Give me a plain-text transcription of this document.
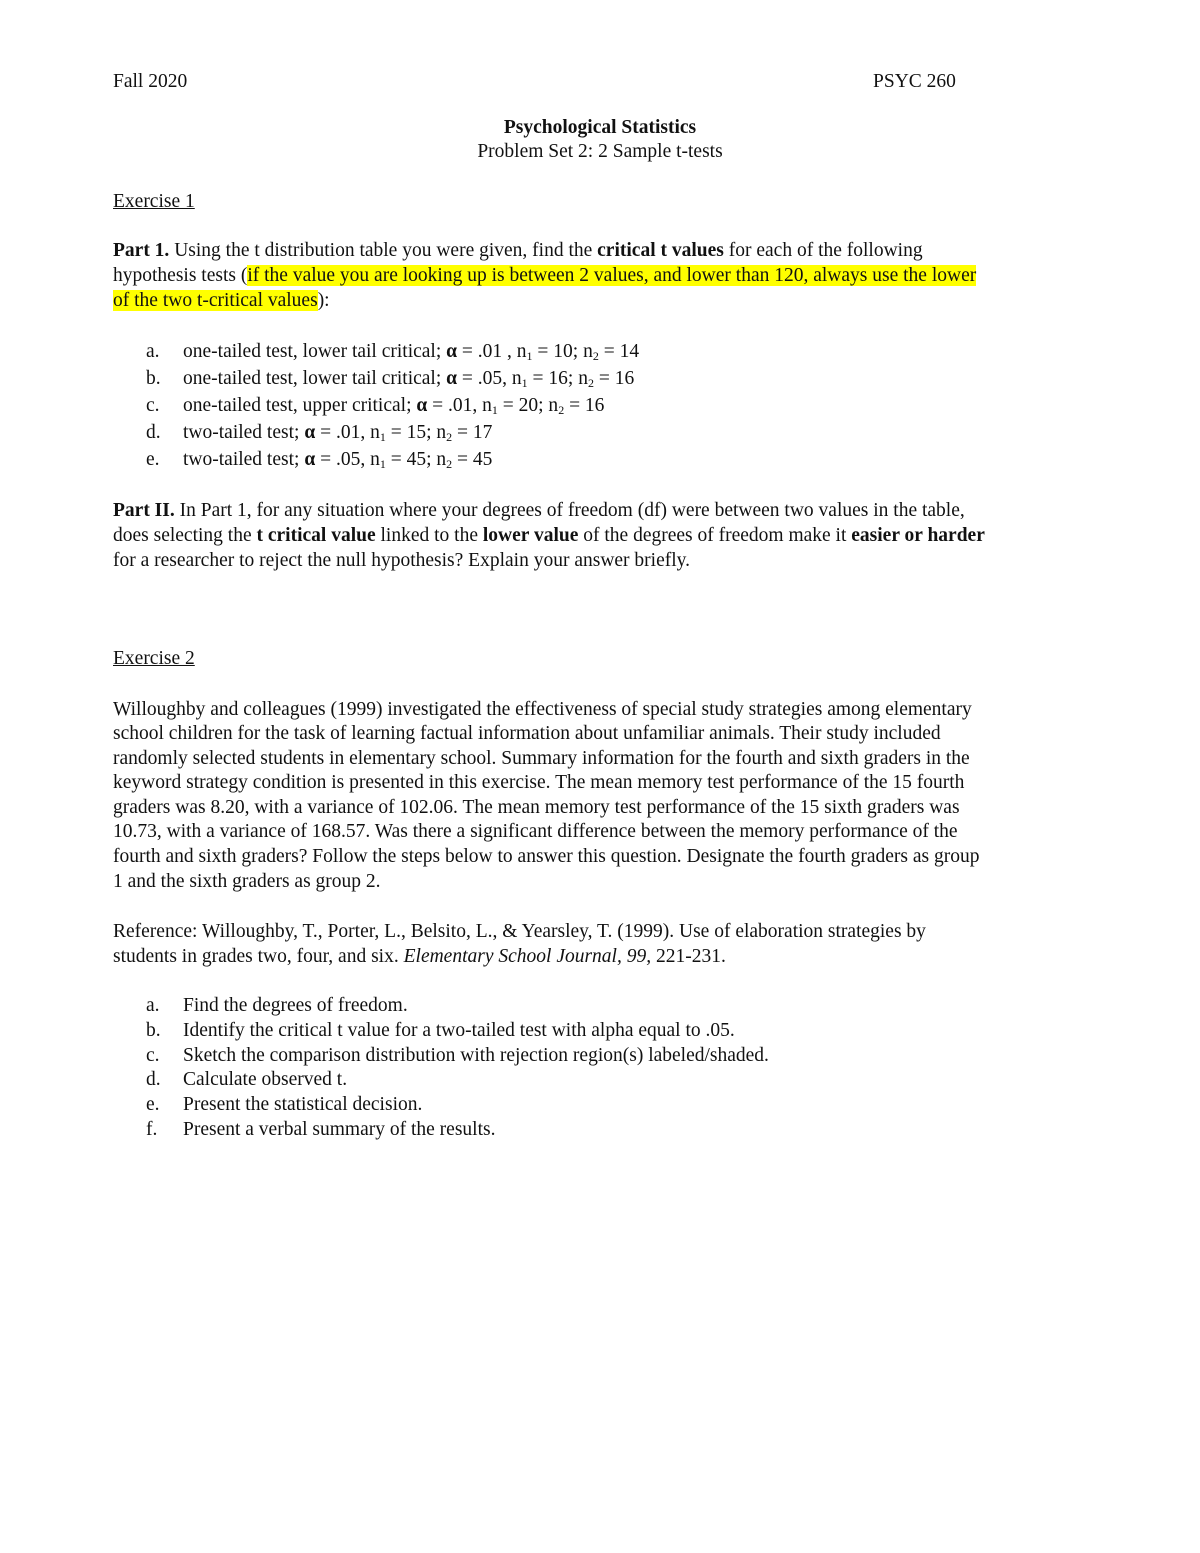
Fall 2020	PSYC 260
Psychological Statistics
Problem Set 2: 2 Sample t-tests
Exercise 1
Part 1. Using the t distribution table you were given, find the critical t values for each of the following
hypothesis tests (if the value you are looking up is between 2 values, and lower than 120, always use the lower
of the two t-critical values):
a. one-tailed test, lower tail critical; α = .01 , $n_1 = 10$; $n_2 = 14$
b. one-tailed test, lower tail critical; α = .05, $n_1 = 16$; $n_2 = 16$
c. one-tailed test, upper critical; α = .01, $n_1 = 20$; $n_2 = 16$
d. two-tailed test; α = .01, $n_1 = 15$; $n_2 = 17$
e. two-tailed test; α = .05, $n_1 = 45$; $n_2 = 45$
Part II. In Part 1, for any situation where your degrees of freedom (df) were between two values in the table,
does selecting the t critical value linked to the lower value of the degrees of freedom make it easier or harder
for a researcher to reject the null hypothesis? Explain your answer briefly.
Exercise 2
Willoughby and colleagues (1999) investigated the effectiveness of special study strategies among elementary
school children for the task of learning factual information about unfamiliar animals. Their study included
randomly selected students in elementary school. Summary information for the fourth and sixth graders in the
keyword strategy condition is presented in this exercise. The mean memory test performance of the 15 fourth
graders was 8.20, with a variance of 102.06. The mean memory test performance of the 15 sixth graders was
10.73, with a variance of 168.57. Was there a significant difference between the memory performance of the
fourth and sixth graders? Follow the steps below to answer this question. Designate the fourth graders as group
1 and the sixth graders as group 2.
Reference: Willoughby, T., Porter, L., Belsito, L., & Yearsley, T. (1999). Use of elaboration strategies by
students in grades two, four, and six. Elementary School Journal, 99, 221-231.
a. Find the degrees of freedom.
b. Identify the critical t value for a two-tailed test with alpha equal to .05.
c. Sketch the comparison distribution with rejection region(s) labeled/shaded.
d. Calculate observed t.
e. Present the statistical decision.
f. Present a verbal summary of the results.
